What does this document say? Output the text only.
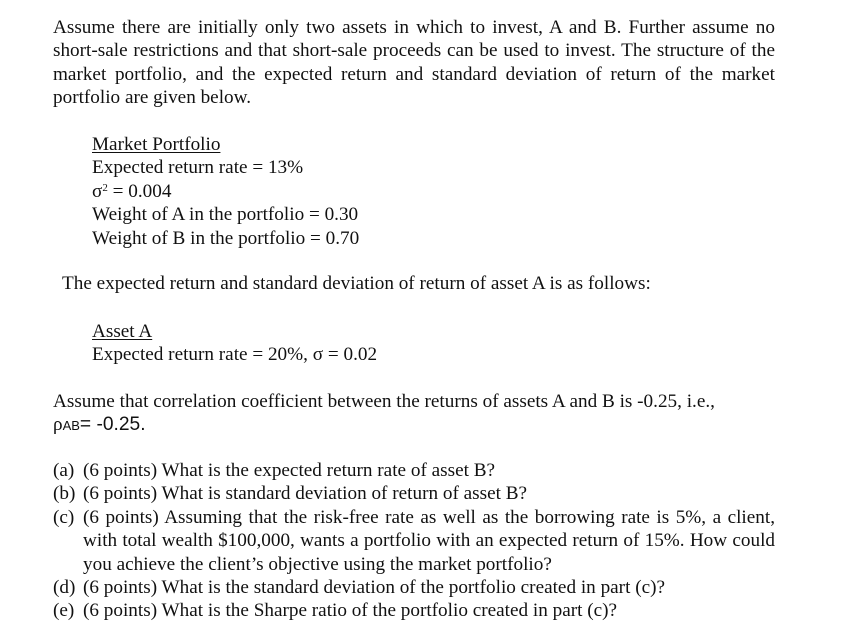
Assume there are initially only two assets in which to invest, A and B. Further assume no short-sale restrictions and that short-sale proceeds can be used to invest. The structure of the market portfolio, and the expected return and standard deviation of return of the market portfolio are given below.

Market Portfolio
Expected return rate = 13%
$\sigma^2 = 0.004$
Weight of A in the portfolio = 0.30
Weight of B in the portfolio = 0.70

The expected return and standard deviation of return of asset A is as follows:

Asset A
Expected return rate = 20%, σ = 0.02

Assume that correlation coefficient between the returns of assets A and B is -0.25, i.e.,
ρAB= -0.25.

(a) (6 points) What is the expected return rate of asset B?
(b) (6 points) What is standard deviation of return of asset B?
(c) (6 points) Assuming that the risk-free rate as well as the borrowing rate is 5%, a client, with total wealth $100,000, wants a portfolio with an expected return of 15%. How could you achieve the client’s objective using the market portfolio?
(d) (6 points) What is the standard deviation of the portfolio created in part (c)?
(e) (6 points) What is the Sharpe ratio of the portfolio created in part (c)?
